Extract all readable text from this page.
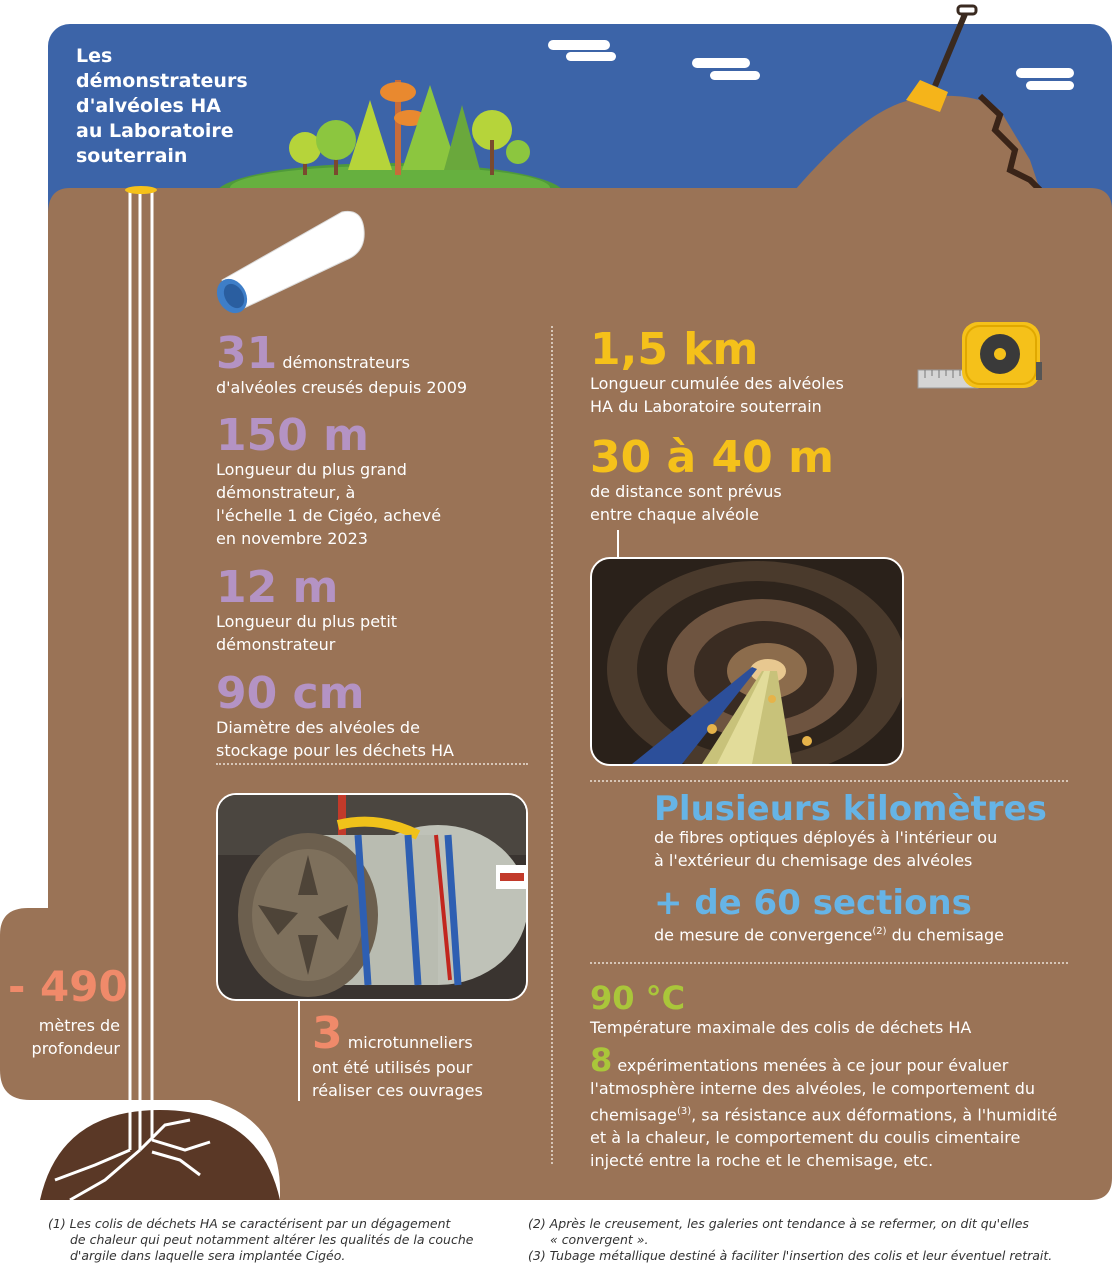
Les
démonstrateurs
d'alvéoles HA
au Laboratoire
souterrain
31 démonstrateurs
d'alvéoles creusés depuis 2009
150 m
Longueur du plus grand
démonstrateur, à
l'échelle 1 de Cigéo, achevé
en novembre 2023
12 m
Longueur du plus petit
démonstrateur
90 cm
Diamètre des alvéoles de
stockage pour les déchets HA
3 microtunneliers
ont été utilisés pour
réaliser ces ouvrages
- 490
mètres de
profondeur
1,5 km
Longueur cumulée des alvéoles
HA du Laboratoire souterrain
30 à 40 m
de distance sont prévus
entre chaque alvéole
Plusieurs kilomètres
de fibres optiques déployés à l'intérieur ou
à l'extérieur du chemisage des alvéoles
+ de 60 sections
de mesure de convergence$^{(2)}$ du chemisage
90 °C
Température maximale des colis de déchets HA
8 expérimentations menées à ce jour pour évaluer
l'atmosphère interne des alvéoles, le comportement du
chemisage$^{(3)}$, sa résistance aux déformations, à l'humidité
et à la chaleur, le comportement du coulis cimentaire
injecté entre la roche et le chemisage, etc.
(1) Les colis de déchets HA se caractérisent par un dégagement
de chaleur qui peut notamment altérer les qualités de la couche
d'argile dans laquelle sera implantée Cigéo.
(2) Après le creusement, les galeries ont tendance à se refermer, on dit qu'elles
« convergent ».
(3) Tubage métallique destiné à faciliter l'insertion des colis et leur éventuel retrait.
